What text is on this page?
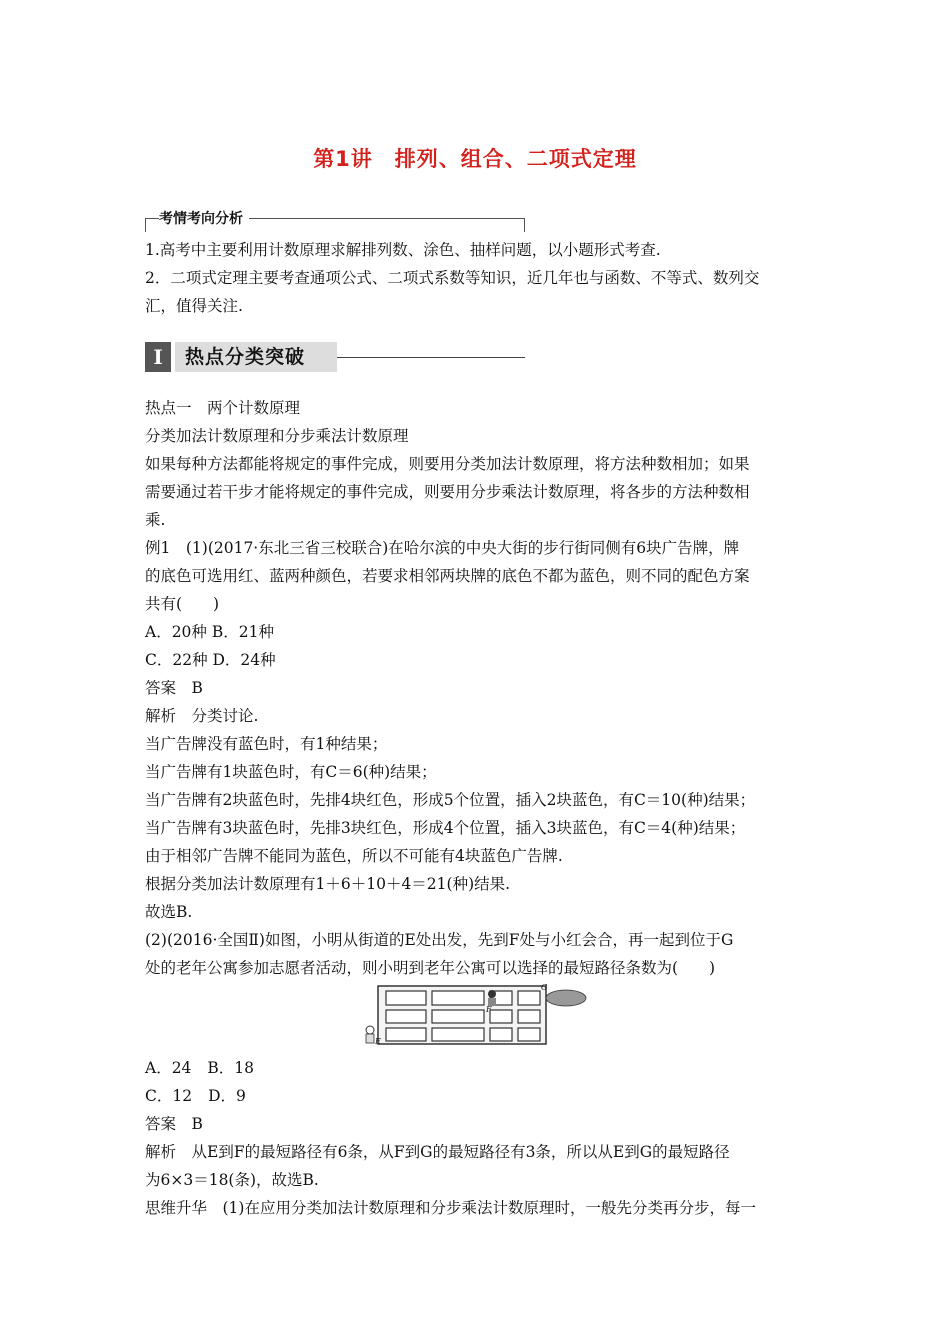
第1讲　排列、组合、二项式定理
考情考向分析
1.高考中主要利用计数原理求解排列数、涂色、抽样问题，以小题形式考查.
2．二项式定理主要考查通项公式、二项式系数等知识，近几年也与函数、不等式、数列交
汇，值得关注.
I	热点分类突破
热点一　两个计数原理
分类加法计数原理和分步乘法计数原理
如果每种方法都能将规定的事件完成，则要用分类加法计数原理，将方法种数相加；如果
需要通过若干步才能将规定的事件完成，则要用分步乘法计数原理，将各步的方法种数相
乘.
例1　(1)(2017·东北三省三校联合)在哈尔滨的中央大街的步行街同侧有6块广告牌，牌
的底色可选用红、蓝两种颜色，若要求相邻两块牌的底色不都为蓝色，则不同的配色方案
共有(　　)
A．20种 B．21种
C．22种 D．24种
答案　B
解析　分类讨论.
当广告牌没有蓝色时，有1种结果；
当广告牌有1块蓝色时，有C＝6(种)结果；
当广告牌有2块蓝色时，先排4块红色，形成5个位置，插入2块蓝色，有C＝10(种)结果；
当广告牌有3块蓝色时，先排3块红色，形成4个位置，插入3块蓝色，有C＝4(种)结果；
由于相邻广告牌不能同为蓝色，所以不可能有4块蓝色广告牌.
根据分类加法计数原理有1＋6＋10＋4＝21(种)结果.
故选B.
(2)(2016·全国Ⅱ)如图，小明从街道的E处出发，先到F处与小红会合，再一起到位于G
处的老年公寓参加志愿者活动，则小明到老年公寓可以选择的最短路径条数为(　　)
E
F
G
A．24 B．18
C．12 D．9
答案　B
解析　从E到F的最短路径有6条，从F到G的最短路径有3条，所以从E到G的最短路径
为6×3＝18(条)，故选B.
思维升华　(1)在应用分类加法计数原理和分步乘法计数原理时，一般先分类再分步，每一
